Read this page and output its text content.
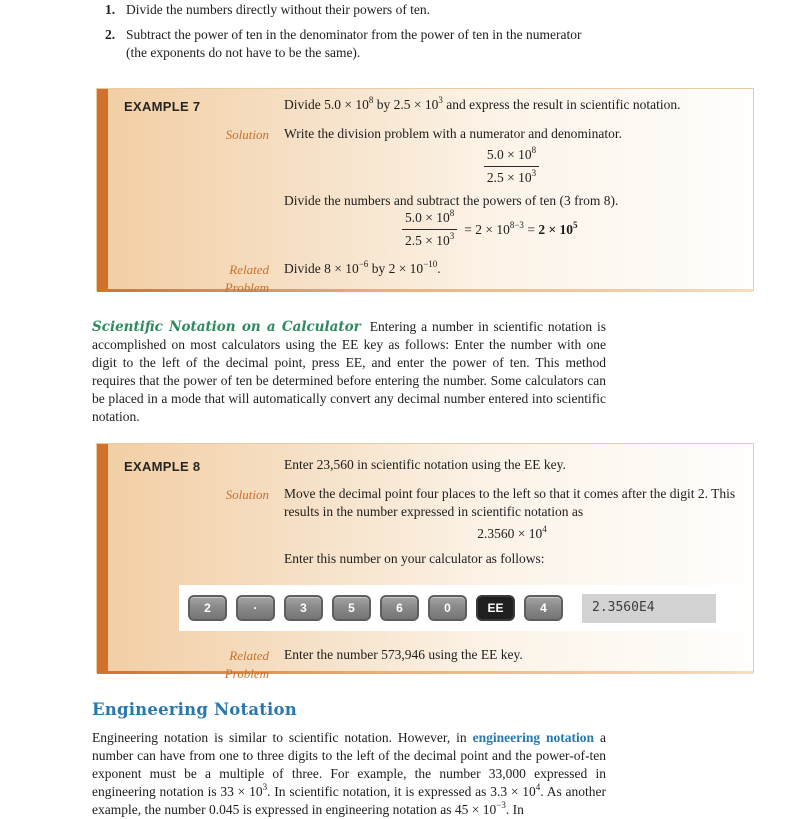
1. Divide the numbers directly without their powers of ten.
2. Subtract the power of ten in the denominator from the power of ten in the numerator (the exponents do not have to be the same).
EXAMPLE 7	Divide $5.0 \times 10^8$ by $2.5 \times 10^3$ and express the result in scientific notation.
Solution Write the division problem with a numerator and denominator.
$\frac{5.0 \times 10^8}{2.5 \times 10^3}$
Divide the numbers and subtract the powers of ten (3 from 8).
$\frac{5.0 \times 10^8}{2.5 \times 10^3} = 2 \times 10^{8-3} = 2 \times 10^5$
Related Problem
Divide $8 \times 10^{-6}$ by $2 \times 10^{-10}$.

Scientific Notation on a Calculator Entering a number in scientific notation is accomplished on most calculators using the EE key as follows: Enter the number with one digit to the left of the decimal point, press EE, and enter the power of ten. This method requires that the power of ten be determined before entering the number. Some calculators can be placed in a mode that will automatically convert any decimal number entered into scientific notation.

EXAMPLE 8	Enter 23,560 in scientific notation using the EE key.
Solution Move the decimal point four places to the left so that it comes after the digit 2. This results in the number expressed in scientific notation as
$2.3560 \times 10^4$
Enter this number on your calculator as follows:
2	·	3	5	6	0	EE	4	2.3560E4
Related Problem
Enter the number 573,946 using the EE key.
Engineering Notation

Engineering notation is similar to scientific notation. However, in engineering notation a number can have from one to three digits to the left of the decimal point and the power-of-ten exponent must be a multiple of three. For example, the number 33,000 expressed in engineering notation is $33 \times 10^3$. In scientific notation, it is expressed as $3.3 \times 10^4$. As another example, the number 0.045 is expressed in engineering notation as $45 \times 10^{-3}$. In
